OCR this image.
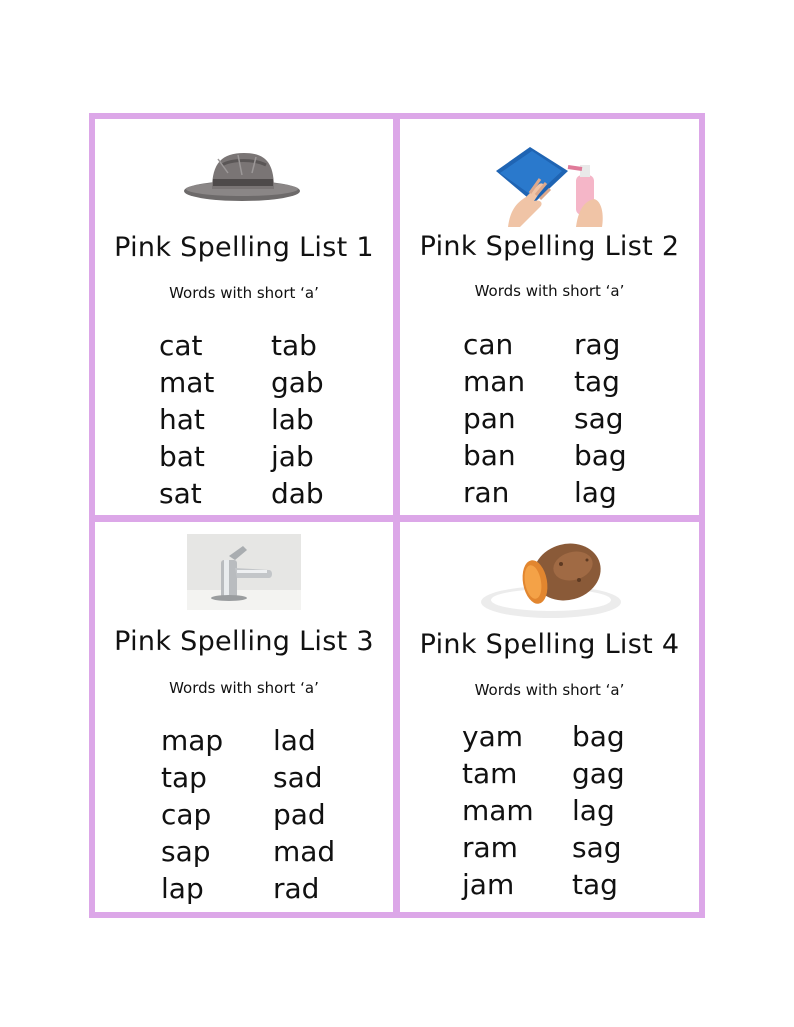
Pink Spelling List 1
Words with short ‘a’
cat
mat
hat
bat
sat
tab
gab
lab
jab
dab
Pink Spelling List 2
Words with short ‘a’
can
man
pan
ban
ran
rag
tag
sag
bag
lag
Pink Spelling List 3
Words with short ‘a’
map
tap
cap
sap
lap
lad
sad
pad
mad
rad
Pink Spelling List 4
Words with short ‘a’
yam
tam
mam
ram
jam
bag
gag
lag
sag
tag
